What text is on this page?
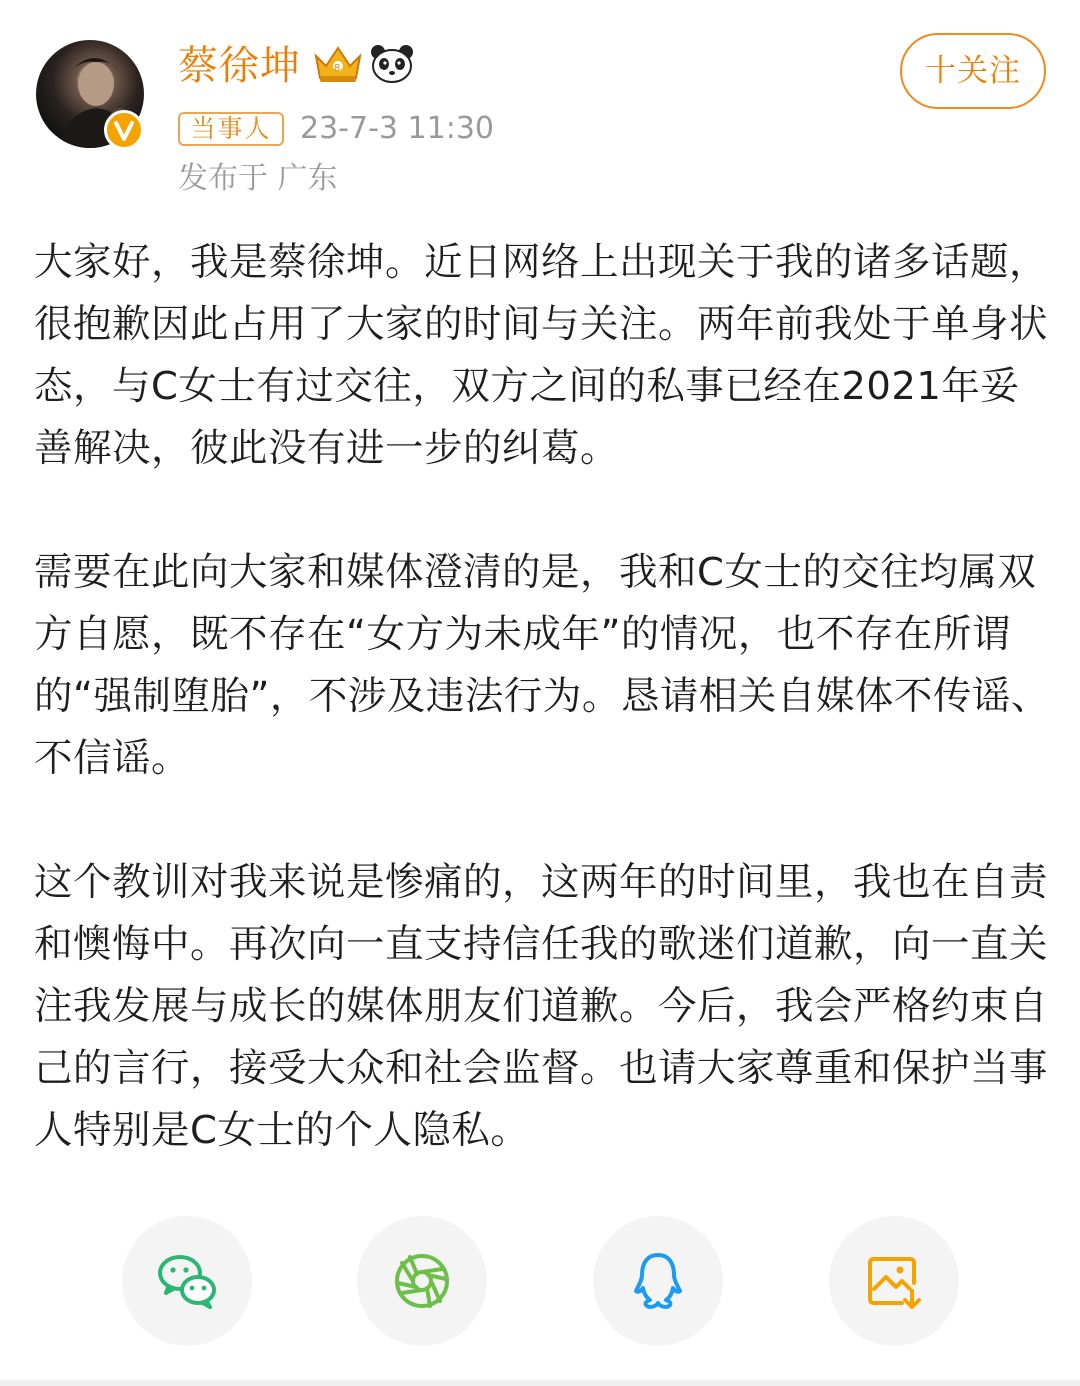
蔡徐坤	8
当事人 23-7-3 11:30
发布于 广东
十关注

大家好，我是蔡徐坤。近日网络上出现关于我的诸多话题，很抱歉因此占用了大家的时间与关注。两年前我处于单身状态，与C女士有过交往，双方之间的私事已经在2021年妥善解决，彼此没有进一步的纠葛。

需要在此向大家和媒体澄清的是，我和C女士的交往均属双方自愿，既不存在“女方为未成年”的情况，也不存在所谓的“强制堕胎”，不涉及违法行为。恳请相关自媒体不传谣、不信谣。

这个教训对我来说是惨痛的，这两年的时间里，我也在自责和懊悔中。再次向一直支持信任我的歌迷们道歉，向一直关注我发展与成长的媒体朋友们道歉。今后，我会严格约束自己的言行，接受大众和社会监督。也请大家尊重和保护当事人特别是C女士的个人隐私。
